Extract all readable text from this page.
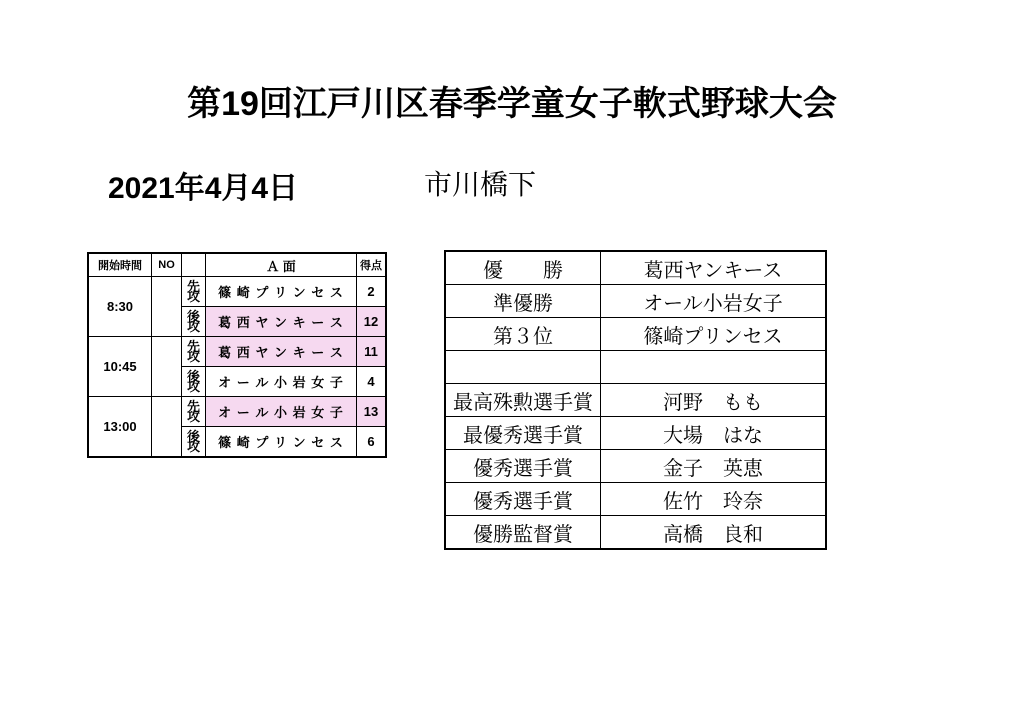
第19回江戸川区春季学童女子軟式野球大会
2021年4月4日	市川橋下
開始時間	NO		Ａ 面	得点
8:30		先攻	篠 崎 プ リ ン セ ス	2
		後攻	葛 西 ヤ ン キ ー ス	12
10:45		先攻	葛 西 ヤ ン キ ー ス	11
		後攻	オ ー ル 小 岩 女 子	4
13:00		先攻	オ ー ル 小 岩 女 子	13
		後攻	篠 崎 プ リ ン セ ス	6
優　勝	葛西ヤンキース
準優勝	オール小岩女子
第３位	篠崎プリンセス

最高殊勲選手賞	河野　もも
最優秀選手賞	大場　はな
優秀選手賞	金子　英恵
優秀選手賞	佐竹　玲奈
優勝監督賞	高橋　良和
